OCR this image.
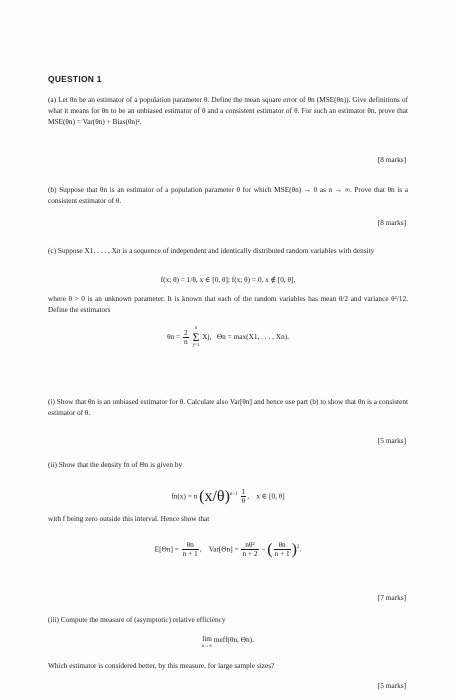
QUESTION 1
(a) Let θn be an estimator of a population parameter θ. Define the mean square error of θn (MSE(θn)). Give definitions of what it means for θn to be an unbiased estimator of θ and a consistent estimator of θ. For such an estimator θn, prove that MSE(θn) = Var(θn) + Bias(θn)².
[8 marks]
(b) Suppose that θn is an estimator of a population parameter θ for which MSE(θn) → 0 as n → ∞. Prove that θn is a consistent estimator of θ.
[8 marks]
(c) Suppose X1, . . . , Xn is a sequence of independent and identically distributed random variables with density
f(x; θ) = 1/θ, x ∈ [0, θ]; f(x; θ) = 0, x ∉ [0, θ],
where θ > 0 is an unknown parameter. It is known that each of the random variables has mean θ/2 and variance θ²/12. Define the estimators
$\theta n = \frac{2}{n}$

n
Σ
j=1
Xj, Θn = max(X1, . . . , Xn).
(i) Show that θn is an unbiased estimator for θ. Calculate also Var[θn] and hence use part (b) to show that θn is a consistent estimator of θ.
[5 marks]
(ii) Show that the density fn of Θn is given by
fn(x) = n $(x/\theta)^{n-1} \frac{1}{\theta}$ ,    x ∈ [0, θ]
with f being zero outside this interval. Hence show that
$E[\Theta n] = \frac{\theta n}{n + 1}$ ,    $Var[\Theta n] = \frac{\text{nθ²}}{n + 2}$ − ( $\frac{\theta n}{n + 1} )^2$.
[7 marks]
(iii) Compute the measure of (asymptotic) relative efficiency
lim
n→∞
meff(θn, Θn).
Which estimator is considered better, by this measure, for large sample sizes?
[5 marks]
